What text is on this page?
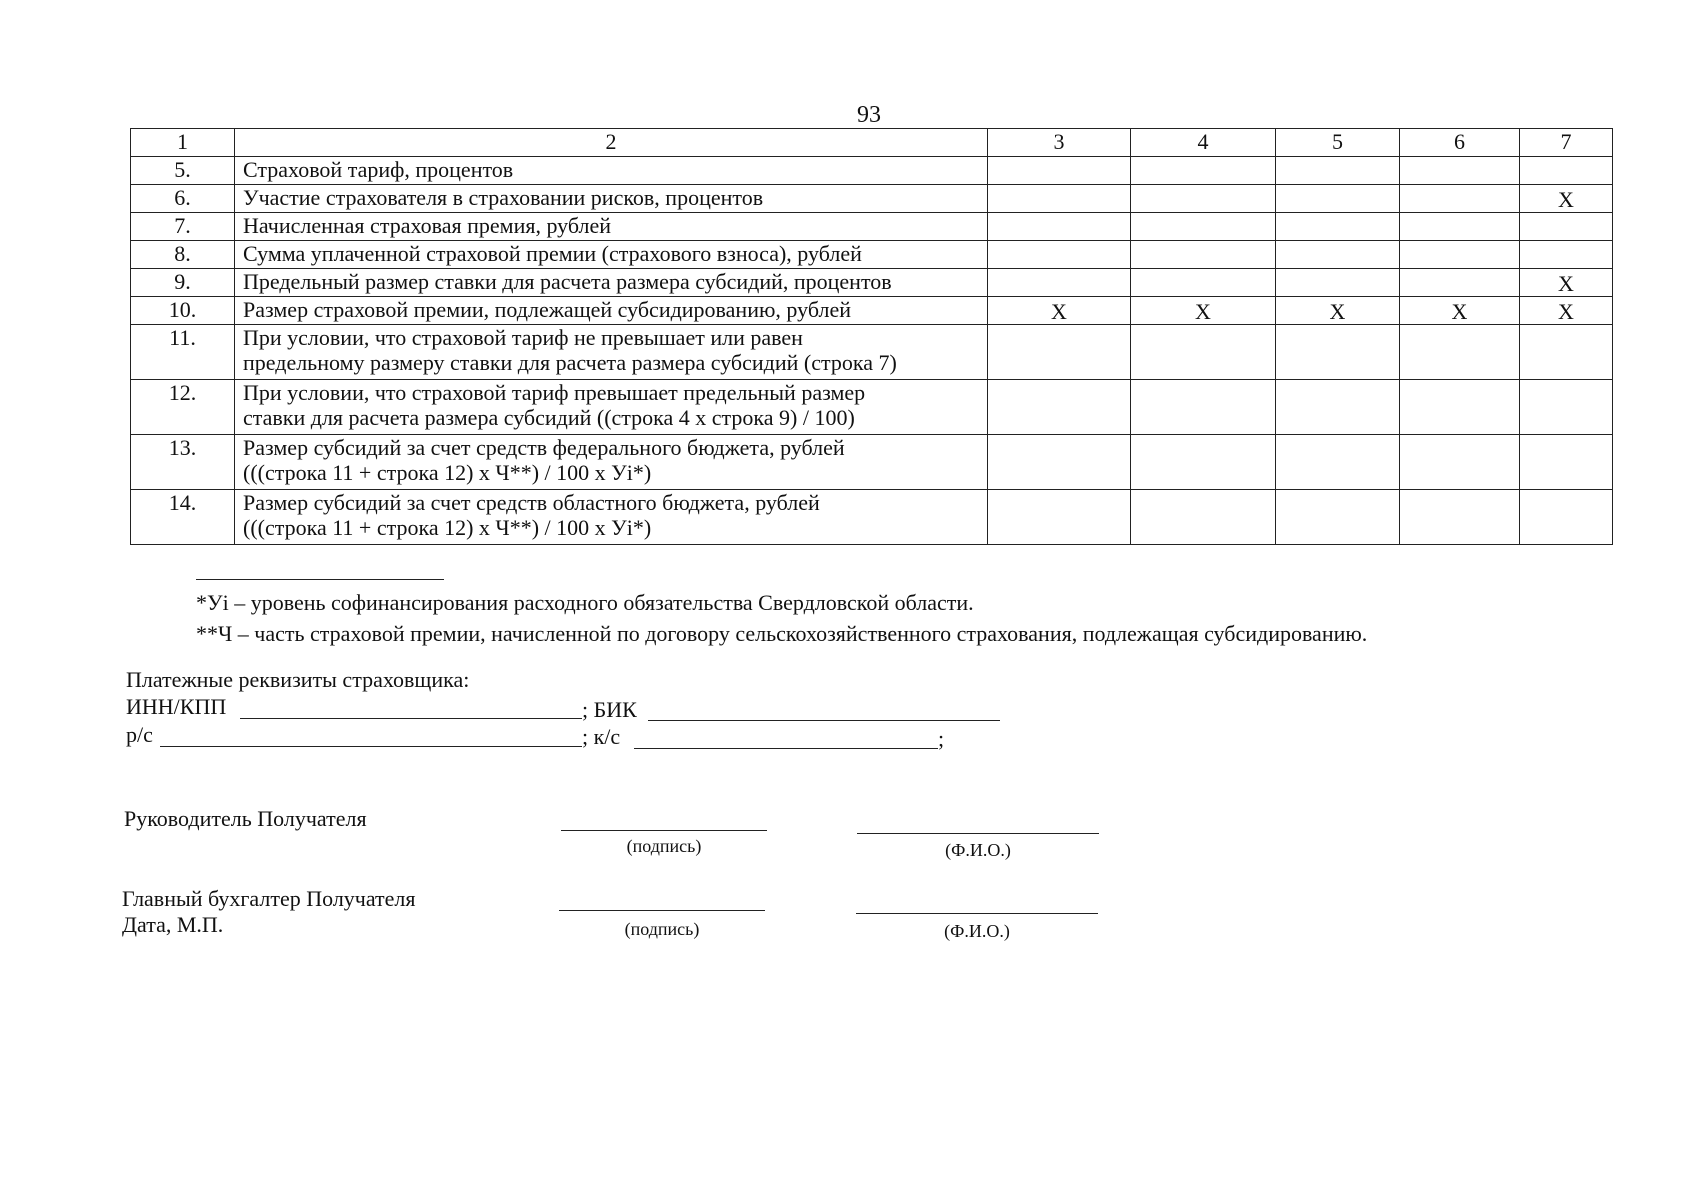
93
1	2	3	4	5	6	7
5.	Страховой тариф, процентов					

6.	Участие страхователя в страховании рисков, процентов					X
7.	Начисленная страховая премия, рублей					

8.	Сумма уплаченной страховой премии (страхового взноса), рублей					

9.	Предельный размер ставки для расчета размера субсидий, процентов					X
10.	Размер страховой премии, подлежащей субсидированию, рублей	X	X	X	X	X
11.	При условии, что страховой тариф не превышает или равен
предельному размеру ставки для расчета размера субсидий (строка 7)					

12.	При условии, что страховой тариф превышает предельный размер
ставки для расчета размера субсидий ((строка 4 x строка 9) / 100)					

13.	Размер субсидий за счет средств федерального бюджета, рублей
(((строка 11 + строка 12) x Ч**) / 100 x Уi*)					

14.	Размер субсидий за счет средств областного бюджета, рублей
(((строка 11 + строка 12) x Ч**) / 100 x Уi*)					

*Уi – уровень софинансирования расходного обязательства Свердловской области.
**Ч – часть страховой премии, начисленной по договору сельскохозяйственного страхования, подлежащая субсидированию.
Платежные реквизиты страховщика:
ИНН/КПП	; БИК
р/с	; к/с	;
Руководитель Получателя
(подпись)	(Ф.И.О.)
Главный бухгалтер Получателя
Дата, М.П.	(подпись)	(Ф.И.О.)
